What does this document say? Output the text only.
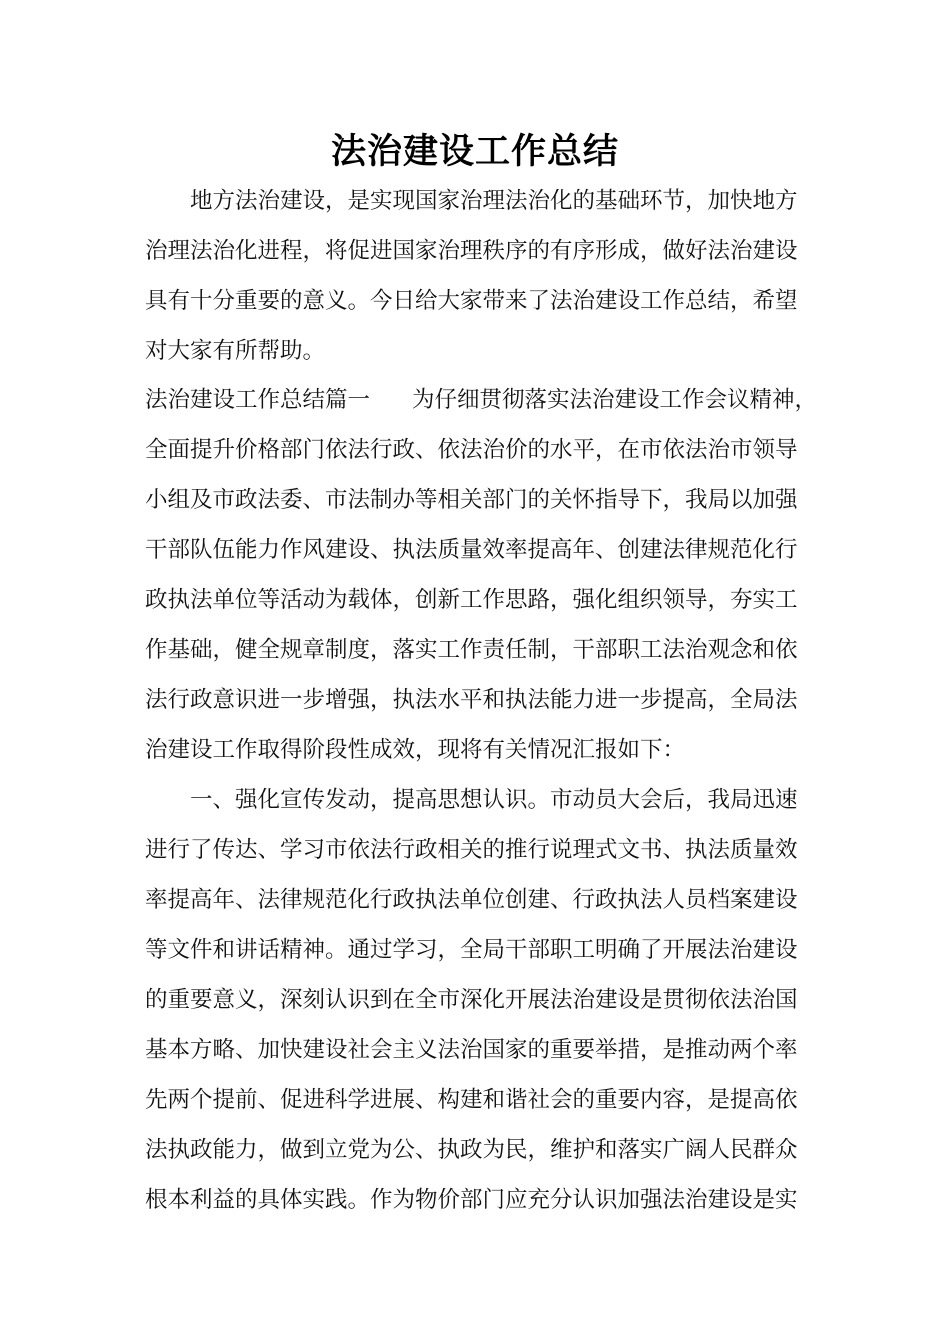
法治建设工作总结
地方法治建设，是实现国家治理法治化的基础环节，加快地方
治理法治化进程，将促进国家治理秩序的有序形成，做好法治建设
具有十分重要的意义。今日给大家带来了法治建设工作总结，希望
对大家有所帮助。
法治建设工作总结篇一 为仔细贯彻落实法治建设工作会议精神，
全面提升价格部门依法行政、依法治价的水平，在市依法治市领导
小组及市政法委、市法制办等相关部门的关怀指导下，我局以加强
干部队伍能力作风建设、执法质量效率提高年、创建法律规范化行
政执法单位等活动为载体，创新工作思路，强化组织领导，夯实工
作基础，健全规章制度，落实工作责任制，干部职工法治观念和依
法行政意识进一步增强，执法水平和执法能力进一步提高，全局法
治建设工作取得阶段性成效，现将有关情况汇报如下：
一、强化宣传发动，提高思想认识。市动员大会后，我局迅速
进行了传达、学习市依法行政相关的推行说理式文书、执法质量效
率提高年、法律规范化行政执法单位创建、行政执法人员档案建设
等文件和讲话精神。通过学习，全局干部职工明确了开展法治建设
的重要意义，深刻认识到在全市深化开展法治建设是贯彻依法治国
基本方略、加快建设社会主义法治国家的重要举措，是推动两个率
先两个提前、促进科学进展、构建和谐社会的重要内容，是提高依
法执政能力，做到立党为公、执政为民，维护和落实广阔人民群众
根本利益的具体实践。作为物价部门应充分认识加强法治建设是实
